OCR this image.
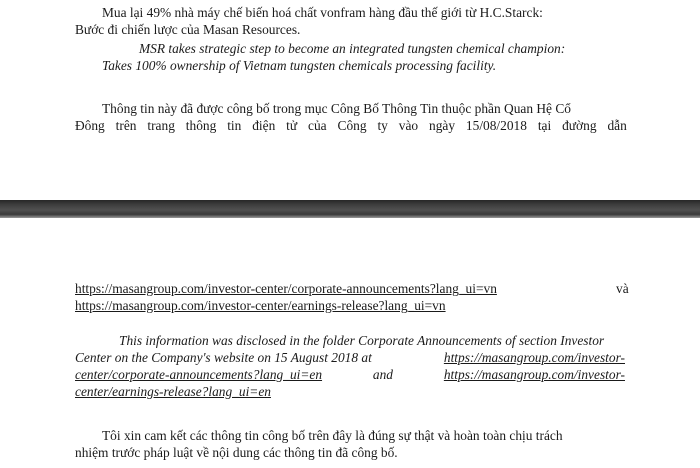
Mua lại 49% nhà máy chế biến hoá chất vonfram hàng đầu thế giới từ H.C.Starck:
Bước đi chiến lược của Masan Resources.
MSR takes strategic step to become an integrated tungsten chemical champion:
Takes 100% ownership of Vietnam tungsten chemicals processing facility.
Thông tin này đã được công bố trong mục Công Bố Thông Tin thuộc phần Quan Hệ Cổ
Đông trên trang thông tin điện tử của Công ty vào ngày 15/08/2018 tại đường dẫn
https://masangroup.com/investor-center/corporate-announcements?lang_ui=vn	và
https://masangroup.com/investor-center/earnings-release?lang_ui=vn
This information was disclosed in the folder Corporate Announcements of section Investor
Center on the Company's website on 15 August 2018 at	https://masangroup.com/investor-
center/corporate-announcements?lang_ui=en	and	https://masangroup.com/investor-
center/earnings-release?lang_ui=en
Tôi xin cam kết các thông tin công bố trên đây là đúng sự thật và hoàn toàn chịu trách
nhiệm trước pháp luật về nội dung các thông tin đã công bố.
